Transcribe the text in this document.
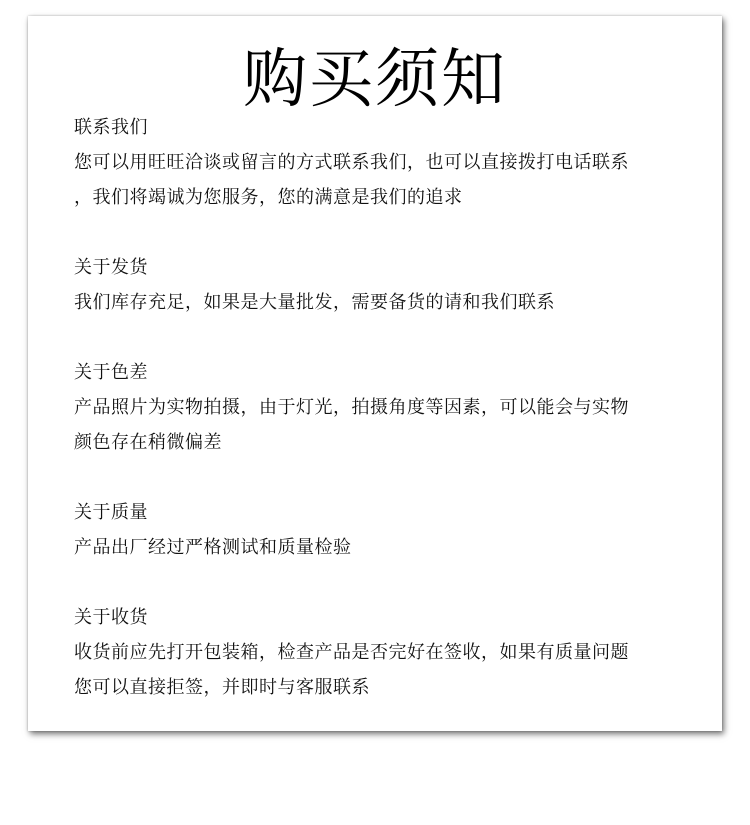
购买须知
联系我们
您可以用旺旺洽谈或留言的方式联系我们，也可以直接拨打电话联系
，我们将竭诚为您服务，您的满意是我们的追求
关于发货
我们库存充足，如果是大量批发，需要备货的请和我们联系
关于色差
产品照片为实物拍摄，由于灯光，拍摄角度等因素，可以能会与实物
颜色存在稍微偏差
关于质量
产品出厂经过严格测试和质量检验
关于收货
收货前应先打开包装箱，检查产品是否完好在签收，如果有质量问题
您可以直接拒签，并即时与客服联系
